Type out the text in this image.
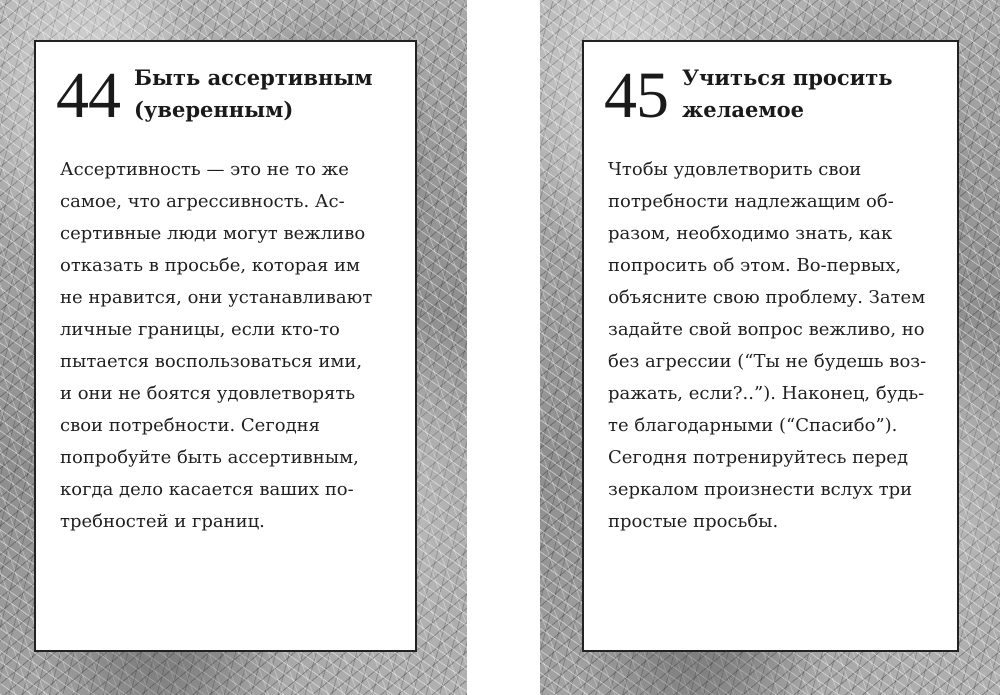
44 Быть ассертивным
(уверенным)
Ассертивность — это не то же
самое, что агрессивность. Ас-
сертивные люди могут вежливо
отказать в просьбе, которая им
не нравится, они устанавливают
личные границы, если кто-то
пытается воспользоваться ими,
и они не боятся удовлетворять
свои потребности. Сегодня
попробуйте быть ассертивным,
когда дело касается ваших по-
требностей и границ.
45 Учиться просить
желаемое
Чтобы удовлетворить свои
потребности надлежащим об-
разом, необходимо знать, как
попросить об этом. Во-первых,
объясните свою проблему. Затем
задайте свой вопрос вежливо, но
без агрессии (“Ты не будешь воз-
ражать, если?..”). Наконец, будь-
те благодарными (“Спасибо”).
Сегодня потренируйтесь перед
зеркалом произнести вслух три
простые просьбы.
